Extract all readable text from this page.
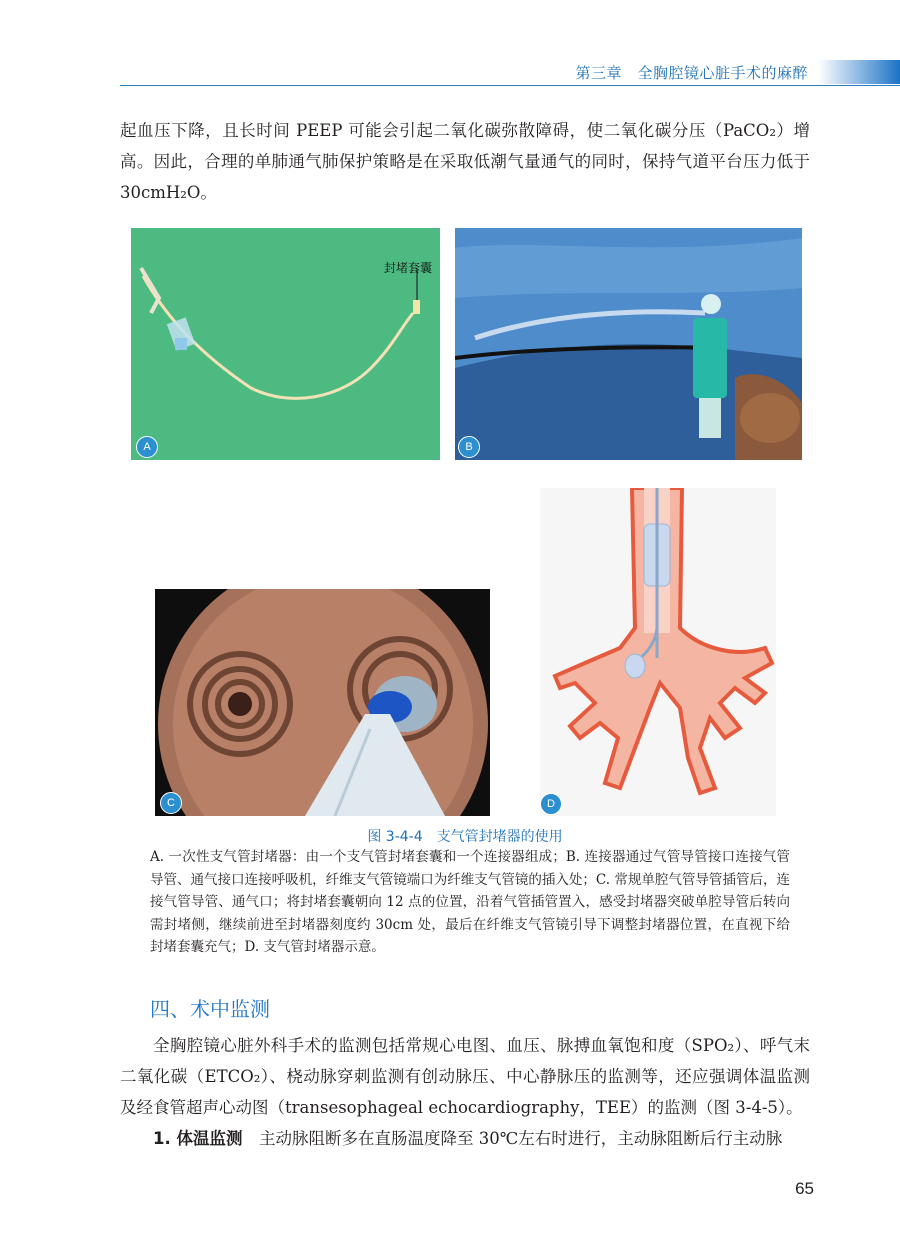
第三章　全胸腔镜心脏手术的麻醉
起血压下降，且长时间 PEEP 可能会引起二氧化碳弥散障碍，使二氧化碳分压（PaCO₂）增高。因此，合理的单肺通气肺保护策略是在采取低潮气量通气的同时，保持气道平台压力低于 30cmH₂O。
封堵套囊
A	B
C	D
图 3-4-4　支气管封堵器的使用
A. 一次性支气管封堵器：由一个支气管封堵套囊和一个连接器组成；B. 连接器通过气管导管接口连接气管导管、通气接口连接呼吸机，纤维支气管镜端口为纤维支气管镜的插入处；C. 常规单腔气管导管插管后，连接气管导管、通气口；将封堵套囊朝向 12 点的位置，沿着气管插管置入，感受封堵器突破单腔导管后转向需封堵侧，继续前进至封堵器刻度约 30cm 处，最后在纤维支气管镜引导下调整封堵器位置，在直视下给封堵套囊充气；D. 支气管封堵器示意。
四、术中监测
全胸腔镜心脏外科手术的监测包括常规心电图、血压、脉搏血氧饱和度（SPO₂）、呼气末二氧化碳（ETCO₂）、桡动脉穿刺监测有创动脉压、中心静脉压的监测等，还应强调体温监测及经食管超声心动图（transesophageal echocardiography，TEE）的监测（图 3-4-5）。
1. 体温监测　 主动脉阻断多在直肠温度降至 30℃左右时进行，主动脉阻断后行主动脉
65
